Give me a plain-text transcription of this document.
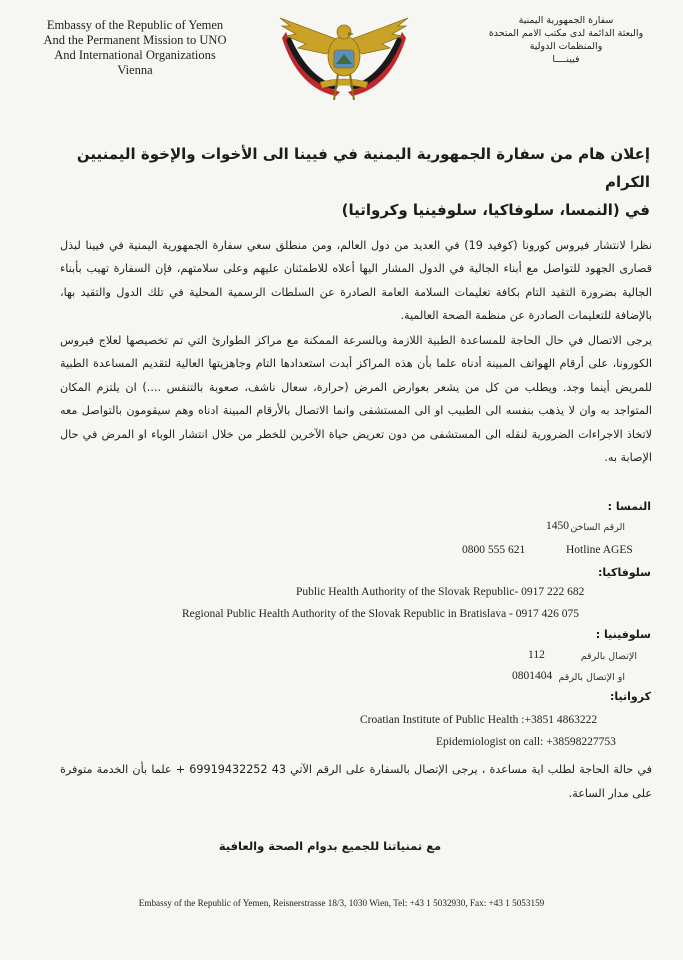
Embassy of the Republic of Yemen
And the Permanent Mission to UNO
And International Organizations
Vienna
سفارة الجمهورية اليمنية
والبعثة الدائمة لدى مكتب الامم المتحدة
والمنظمات الدولية
فيينــــا
إعلان هام من سفارة الجمهورية اليمنية في فيينا الى الأخوات والإخوة اليمنيين الكرام
في (النمسا، سلوفاكيا، سلوفينيا وكرواتيا)
نظرا لانتشار فيروس كورونا (كوفيد 19) في العديد من دول العالم، ومن منطلق سعي سفارة الجمهورية اليمنية في فيينا لبذل قصارى الجهود للتواصل مع أبناء الجالية في الدول المشار اليها أعلاه للاطمئنان عليهم وعلى سلامتهم، فإن السفارة تهيب بأبناء الجالية بضرورة التقيد التام بكافة تعليمات السلامة العامة الصادرة عن السلطات الرسمية المحلية في تلك الدول والتقيد بها، بالإضافة للتعليمات الصادرة عن منظمة الصحة العالمية.
يرجى الاتصال في حال الحاجة للمساعدة الطبية اللازمة وبالسرعة الممكنة مع مراكز الطوارئ التي تم تخصيصها لعلاج فيروس الكورونا، على أرقام الهواتف المبينة أدناه علما بأن هذه المراكز أبدت استعدادها التام وجاهزيتها العالية لتقديم المساعدة الطبية للمريض أينما وجد. ويطلب من كل من يشعر بعوارض المرض (حرارة، سعال ناشف، صعوبة بالتنفس ....) ان يلتزم المكان المتواجد به وان لا يذهب بنفسه الى الطبيب او الى المستشفى وانما الاتصال بالأرقام المبينة ادناه وهم سيقومون بالتواصل معه لاتخاذ الاجراءات الضرورية لنقله الى المستشفى من دون تعريض حياة الآخرين للخطر من خلال انتشار الوباء او المرض في حال الإصابة به.
النمسا :
الرقم الساخن
1450
0800 555 621	Hotline AGES
سلوفاكيا:
Public Health Authority of the Slovak Republic- 0917 222 682
Regional Public Health Authority of the Slovak Republic in Bratislava - 0917 426 075
سلوفينيا :
الإتصال بالرقم
112
او الإتصال بالرقم
0801404
كرواتيا:
Croatian Institute of Public Health :+3851 4863222
Epidemiologist on call: +38598227753
في حالة الحاجة لطلب اية مساعدة ، يرجى الإتصال بالسفارة على الرقم الآتي 43 69919432252 + علما بأن الخدمة متوفرة على مدار الساعة.
مع تمنياتنا للجميع بدوام الصحة والعافية
Embassy of the Republic of Yemen, Reisnerstrasse 18/3, 1030 Wien, Tel: +43 1 5032930, Fax: +43 1 5053159
